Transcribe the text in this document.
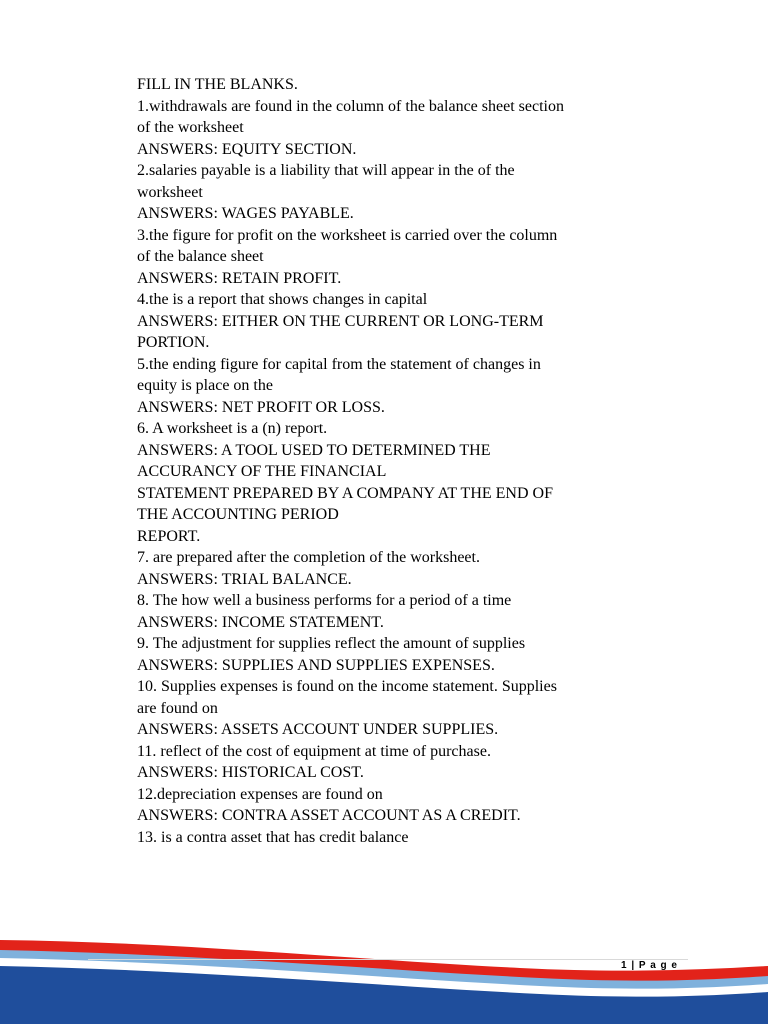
FILL IN THE BLANKS.
1.withdrawals are found in the column of the balance sheet section
of the worksheet
ANSWERS: EQUITY SECTION.
2.salaries payable is a liability that will appear in the of the
worksheet
ANSWERS: WAGES PAYABLE.
3.the figure for profit on the worksheet is carried over the column
of the balance sheet
ANSWERS: RETAIN PROFIT.
4.the is a report that shows changes in capital
ANSWERS: EITHER ON THE CURRENT OR LONG-TERM
PORTION.
5.the ending figure for capital from the statement of changes in
equity is place on the
ANSWERS: NET PROFIT OR LOSS.
6. A worksheet is a (n) report.
ANSWERS: A TOOL USED TO DETERMINED THE
ACCURANCY OF THE FINANCIAL
STATEMENT PREPARED BY A COMPANY AT THE END OF
THE ACCOUNTING PERIOD
REPORT.
7. are prepared after the completion of the worksheet.
ANSWERS: TRIAL BALANCE.
8. The how well a business performs for a period of a time
ANSWERS: INCOME STATEMENT.
9. The adjustment for supplies reflect the amount of supplies
ANSWERS: SUPPLIES AND SUPPLIES EXPENSES.
10. Supplies expenses is found on the income statement. Supplies
are found on
ANSWERS: ASSETS ACCOUNT UNDER SUPPLIES.
11. reflect of the cost of equipment at time of purchase.
ANSWERS: HISTORICAL COST.
12.depreciation expenses are found on
ANSWERS: CONTRA ASSET ACCOUNT AS A CREDIT.
13. is a contra asset that has credit balance
1 | P a g e
